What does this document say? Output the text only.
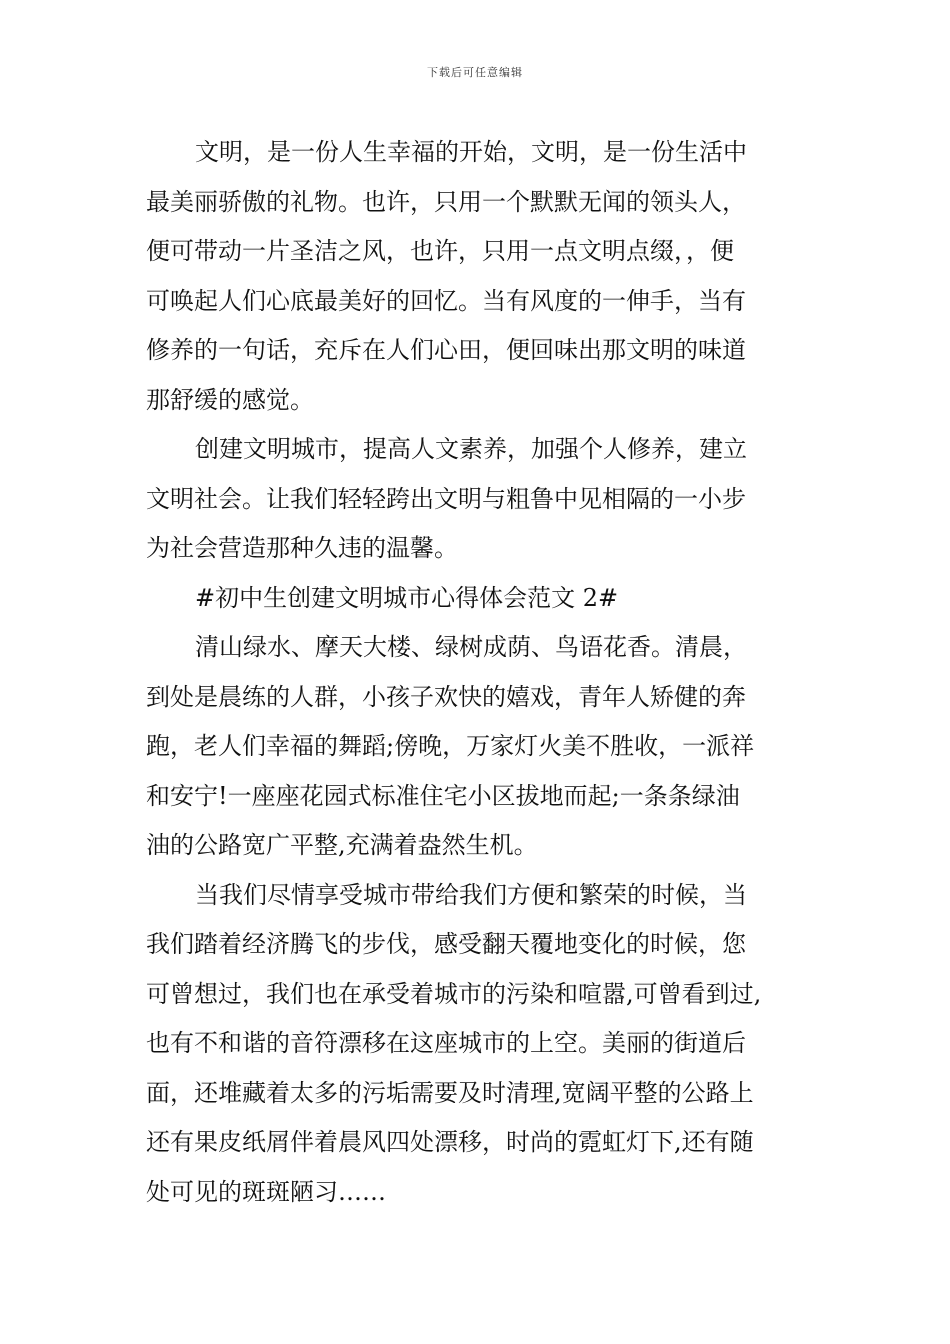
下载后可任意编辑
文明，是一份人生幸福的开始，文明，是一份生活中
最美丽骄傲的礼物。也许，只用一个默默无闻的领头人，
便可带动一片圣洁之风，也许，只用一点文明点缀，，便
可唤起人们心底最美好的回忆。当有风度的一伸手，当有
修养的一句话，充斥在人们心田，便回味出那文明的味道
那舒缓的感觉。
创建文明城市，提高人文素养，加强个人修养，建立
文明社会。让我们轻轻跨出文明与粗鲁中见相隔的一小步
为社会营造那种久违的温馨。
#初中生创建文明城市心得体会范文 2#
清山绿水、摩天大楼、绿树成荫、鸟语花香。清晨，
到处是晨练的人群，小孩子欢快的嬉戏，青年人矫健的奔
跑，老人们幸福的舞蹈;傍晚，万家灯火美不胜收，一派祥
和安宁!一座座花园式标准住宅小区拔地而起;一条条绿油
油的公路宽广平整,充满着盎然生机。
当我们尽情享受城市带给我们方便和繁荣的时候，当
我们踏着经济腾飞的步伐，感受翻天覆地变化的时候，您
可曾想过，我们也在承受着城市的污染和喧嚣,可曾看到过,
也有不和谐的音符漂移在这座城市的上空。美丽的街道后
面，还堆藏着太多的污垢需要及时清理,宽阔平整的公路上
还有果皮纸屑伴着晨风四处漂移，时尚的霓虹灯下,还有随
处可见的斑斑陋习……
